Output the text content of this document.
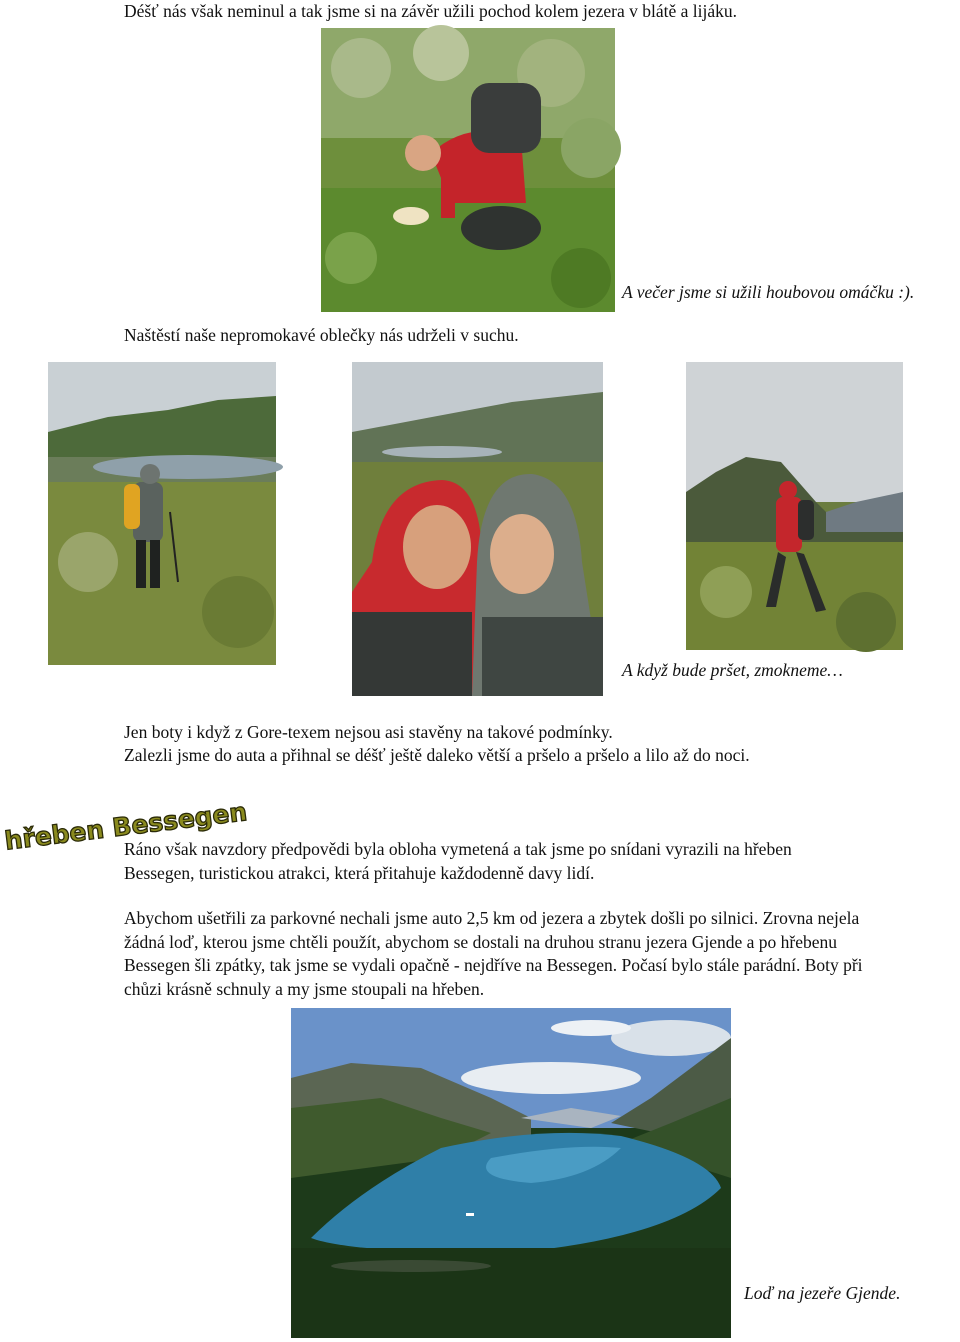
Déšť nás však neminul a tak jsme si na závěr užili pochod kolem jezera v blátě a lijáku.
A večer jsme si užili houbovou omáčku :).
Naštěstí naše nepromokavé oblečky nás udrželi v suchu.
A když bude pršet, zmokneme…
Jen boty i když z Gore-texem nejsou asi stavěny na takové podmínky.
Zalezli jsme do auta a přihnal se déšť ještě daleko větší a pršelo a pršelo a lilo až do noci.
hřeben Bessegen
Ráno však navzdory předpovědi byla obloha vymetená a tak jsme po snídani vyrazili na hřeben Bessegen, turistickou atrakci, která přitahuje každodenně davy lidí.
Abychom ušetřili za parkovné nechali jsme auto 2,5 km od jezera a zbytek došli po silnici. Zrovna nejela žádná loď, kterou jsme chtěli použít, abychom se dostali na druhou stranu jezera Gjende a po hřebenu Bessegen šli zpátky, tak jsme se vydali opačně - nejdříve na Bessegen. Počasí bylo stále parádní. Boty při chůzi krásně schnuly a my jsme stoupali na hřeben.
Loď na jezeře Gjende.
